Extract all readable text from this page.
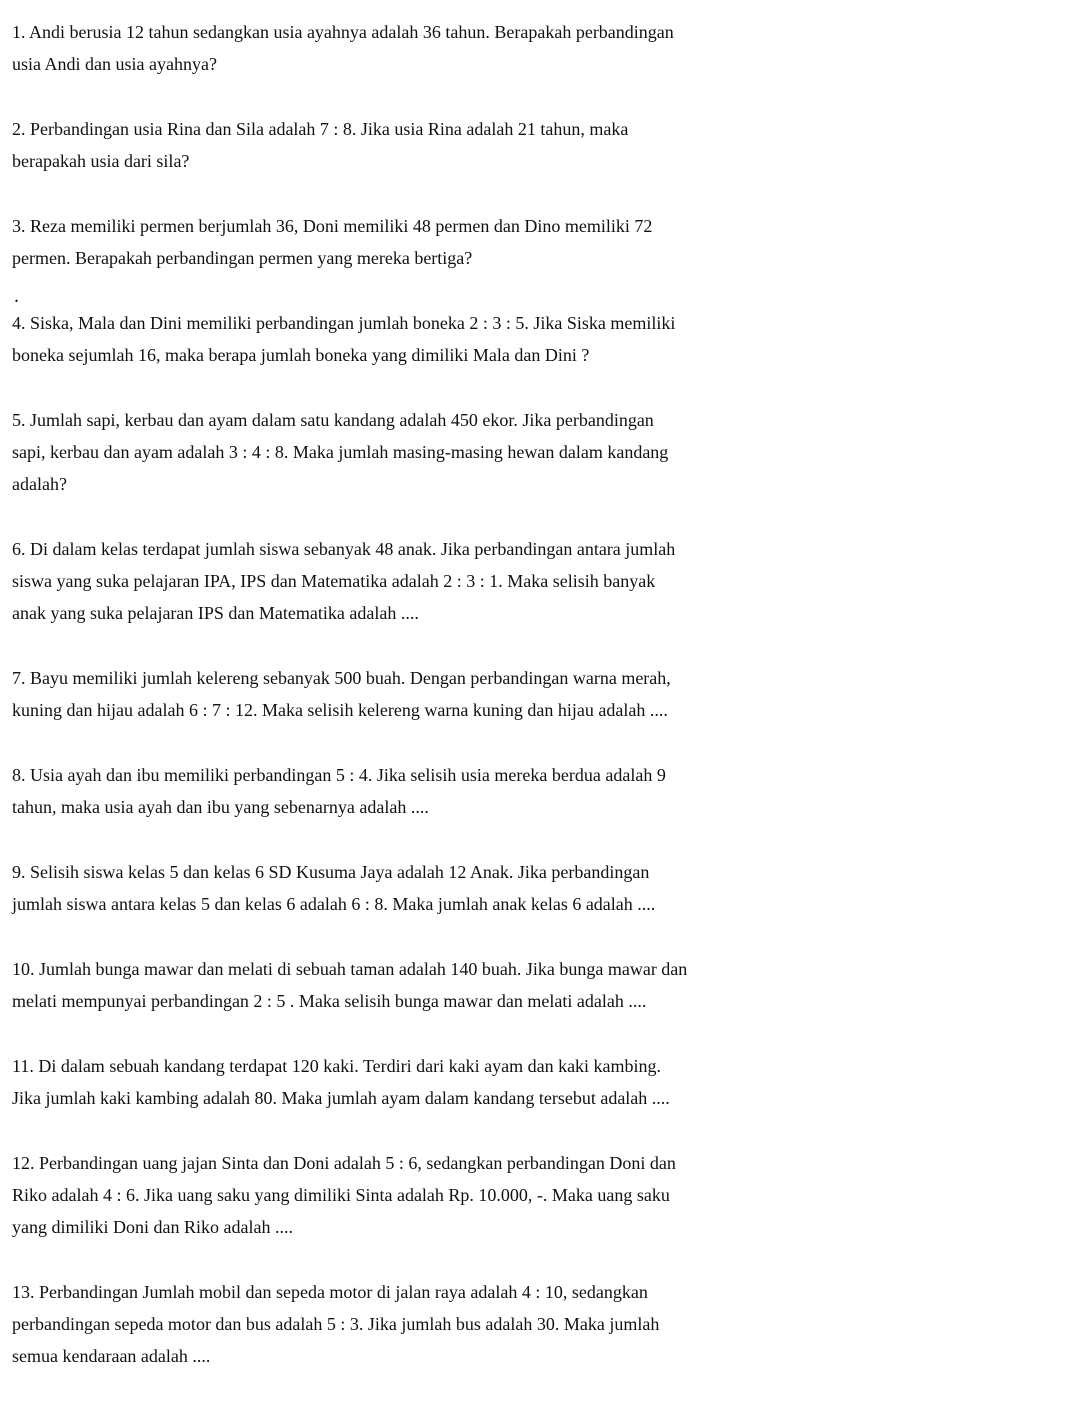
1. Andi berusia 12 tahun sedangkan usia ayahnya adalah 36 tahun. Berapakah perbandingan
usia Andi dan usia ayahnya?
2. Perbandingan usia Rina dan Sila adalah 7 : 8. Jika usia Rina adalah 21 tahun, maka
berapakah usia dari sila?
3. Reza memiliki permen berjumlah 36, Doni memiliki 48 permen dan Dino memiliki 72
permen. Berapakah perbandingan permen yang mereka bertiga?
.
4. Siska, Mala dan Dini memiliki perbandingan jumlah boneka 2 : 3 : 5. Jika Siska memiliki
boneka sejumlah 16, maka berapa jumlah boneka yang dimiliki Mala dan Dini ?
5. Jumlah sapi, kerbau dan ayam dalam satu kandang adalah 450 ekor. Jika perbandingan
sapi, kerbau dan ayam adalah 3 : 4 : 8. Maka jumlah masing-masing hewan dalam kandang
adalah?
6. Di dalam kelas terdapat jumlah siswa sebanyak 48 anak. Jika perbandingan antara jumlah
siswa yang suka pelajaran IPA, IPS dan Matematika adalah 2 : 3 : 1. Maka selisih banyak
anak yang suka pelajaran IPS dan Matematika adalah ....
7. Bayu memiliki jumlah kelereng sebanyak 500 buah. Dengan perbandingan warna merah,
kuning dan hijau adalah 6 : 7 : 12. Maka selisih kelereng warna kuning dan hijau adalah ....
8. Usia ayah dan ibu memiliki perbandingan 5 : 4. Jika selisih usia mereka berdua adalah 9
tahun, maka usia ayah dan ibu yang sebenarnya adalah ....
9. Selisih siswa kelas 5 dan kelas 6 SD Kusuma Jaya adalah 12 Anak. Jika perbandingan
jumlah siswa antara kelas 5 dan kelas 6 adalah 6 : 8. Maka jumlah anak kelas 6 adalah ....
10. Jumlah bunga mawar dan melati di sebuah taman adalah 140 buah. Jika bunga mawar dan
melati mempunyai perbandingan 2 : 5 . Maka selisih bunga mawar dan melati adalah ....
11. Di dalam sebuah kandang terdapat 120 kaki. Terdiri dari kaki ayam dan kaki kambing.
Jika jumlah kaki kambing adalah 80. Maka jumlah ayam dalam kandang tersebut adalah ....
12. Perbandingan uang jajan Sinta dan Doni adalah 5 : 6, sedangkan perbandingan Doni dan
Riko adalah 4 : 6. Jika uang saku yang dimiliki Sinta adalah Rp. 10.000, -. Maka uang saku
yang dimiliki Doni dan Riko adalah ....
13. Perbandingan Jumlah mobil dan sepeda motor di jalan raya adalah 4 : 10, sedangkan
perbandingan sepeda motor dan bus adalah 5 : 3. Jika jumlah bus adalah 30. Maka jumlah
semua kendaraan adalah ....
